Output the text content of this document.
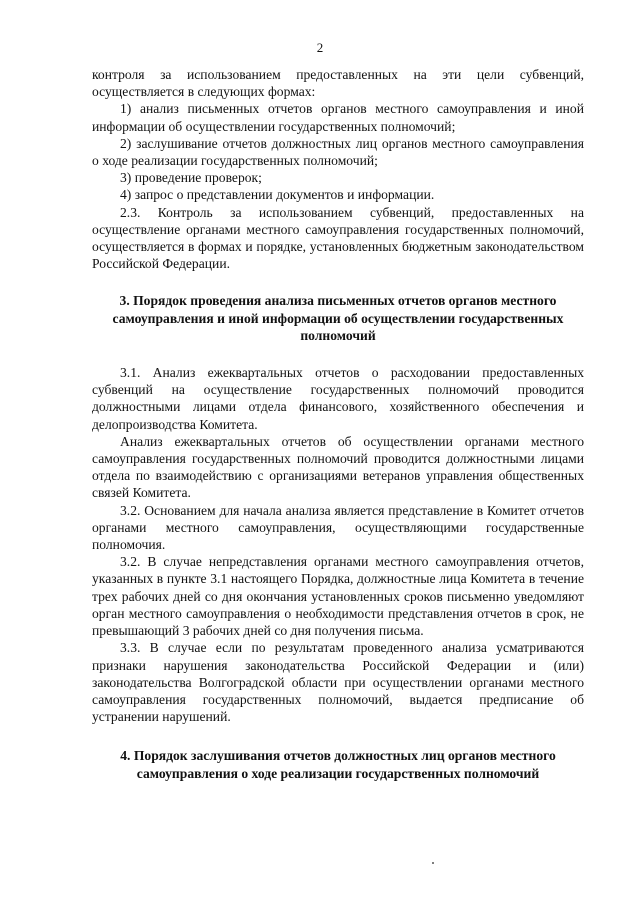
2

контроля за использованием предоставленных на эти цели субвенций, осуществляется в следующих формах:

1) анализ письменных отчетов органов местного самоуправления и иной информации об осуществлении государственных полномочий;

2) заслушивание отчетов должностных лиц органов местного самоуправления о ходе реализации государственных полномочий;

3) проведение проверок;

4) запрос о представлении документов и информации.

2.3. Контроль за использованием субвенций, предоставленных на осуществление органами местного самоуправления государственных полномочий, осуществляется в формах и порядке, установленных бюджетным законодательством Российской Федерации.

3. Порядок проведения анализа письменных отчетов органов местного самоуправления и иной информации об осуществлении государственных полномочий

3.1. Анализ ежеквартальных отчетов о расходовании предоставленных субвенций на осуществление государственных полномочий проводится должностными лицами отдела финансового, хозяйственного обеспечения и делопроизводства Комитета.

Анализ ежеквартальных отчетов об осуществлении органами местного самоуправления государственных полномочий проводится должностными лицами отдела по взаимодействию с организациями ветеранов управления общественных связей Комитета.

3.2. Основанием для начала анализа является представление в Комитет отчетов органами местного самоуправления, осуществляющими государственные полномочия.

3.2. В случае непредставления органами местного самоуправления отчетов, указанных в пункте 3.1 настоящего Порядка, должностные лица Комитета в течение трех рабочих дней со дня окончания установленных сроков письменно уведомляют орган местного самоуправления о необходимости представления отчетов в срок, не превышающий 3 рабочих дней со дня получения письма.

3.3. В случае если по результатам проведенного анализа усматриваются признаки нарушения законодательства Российской Федерации и (или) законодательства Волгоградской области при осуществлении органами местного самоуправления государственных полномочий, выдается предписание об устранении нарушений.

4. Порядок заслушивания отчетов должностных лиц органов местного самоуправления о ходе реализации государственных полномочий
